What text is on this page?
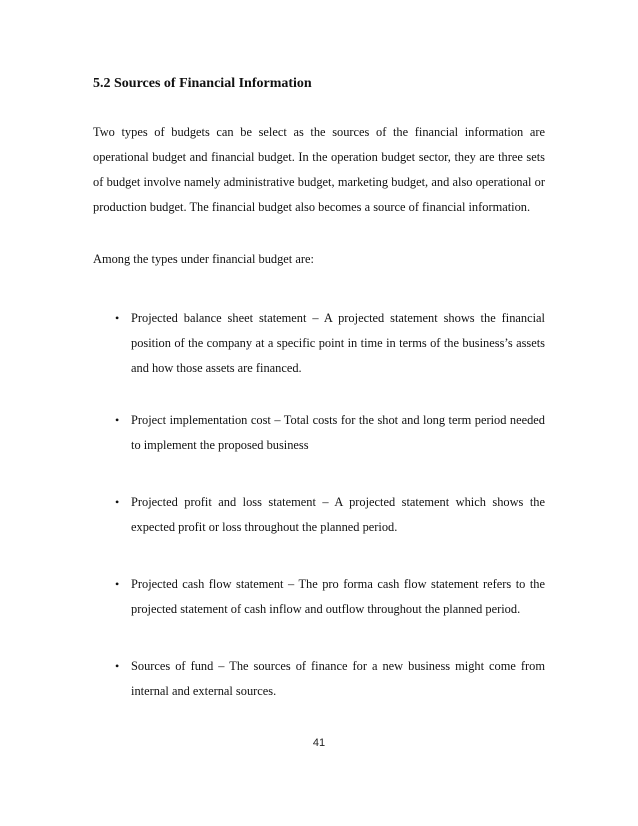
5.2 Sources of Financial Information

Two types of budgets can be select as the sources of the financial information are operational budget and financial budget. In the operation budget sector, they are three sets of budget involve namely administrative budget, marketing budget, and also operational or production budget. The financial budget also becomes a source of financial information.

Among the types under financial budget are:

• Projected balance sheet statement – A projected statement shows the financial position of the company at a specific point in time in terms of the business’s assets and how those assets are financed.

• Project implementation cost – Total costs for the shot and long term period needed to implement the proposed business

• Projected profit and loss statement – A projected statement which shows the expected profit or loss throughout the planned period.

• Projected cash flow statement – The pro forma cash flow statement refers to the projected statement of cash inflow and outflow throughout the planned period.

• Sources of fund – The sources of finance for a new business might come from internal and external sources.

41
